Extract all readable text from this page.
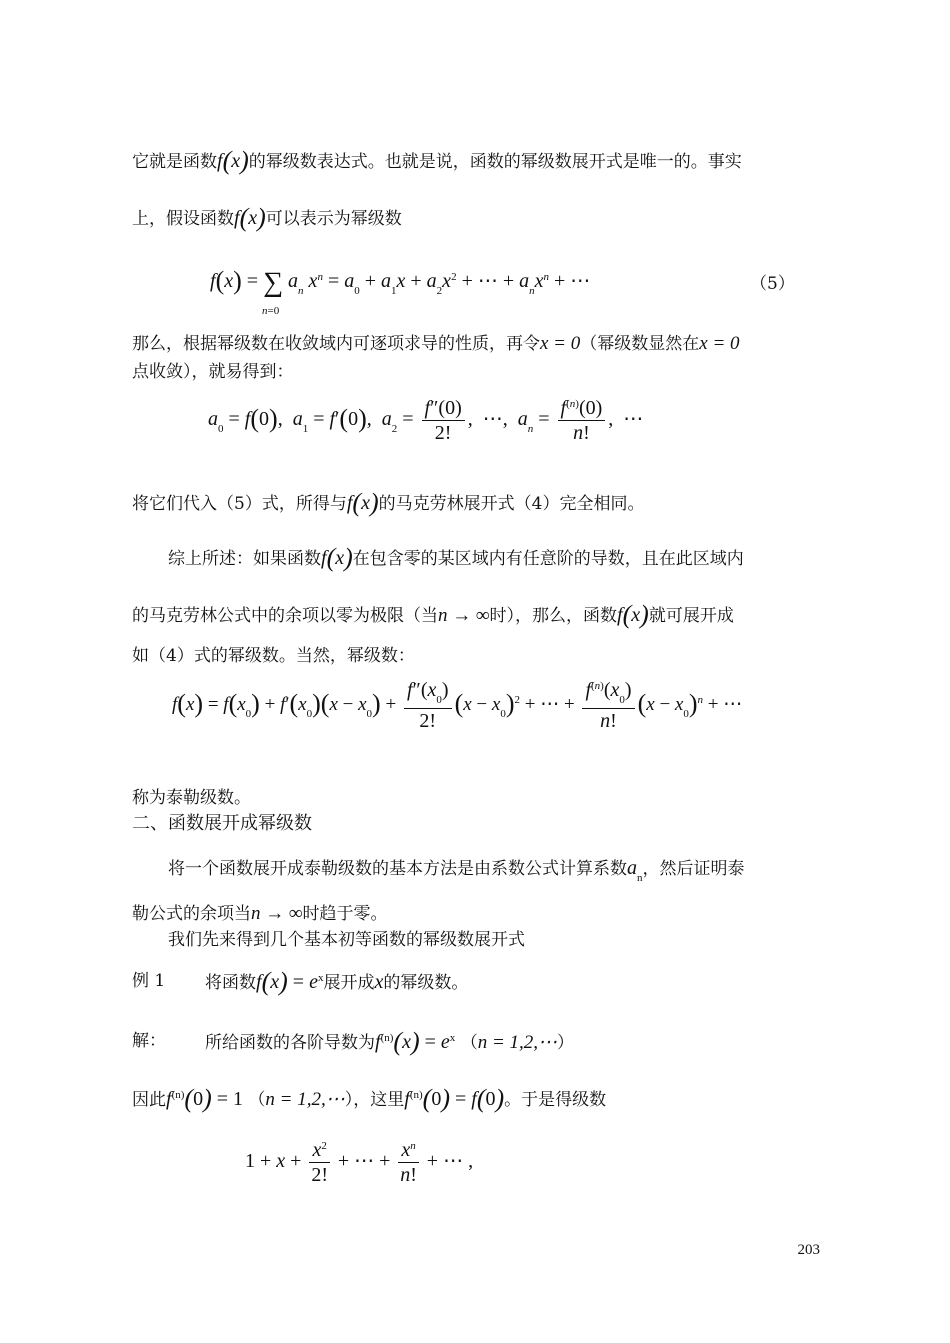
它就是函数f(x)的幂级数表达式。也就是说，函数的幂级数展开式是唯一的。事实
上，假设函数f(x)可以表示为幂级数
f(x) = ∑ $a_n$ $x^n = a_0 + a_1x + a_2x^2$ + ⋯ + $a_nx^n$ + ⋯
n=0
（5）
那么，根据幂级数在收敛域内可逐项求导的性质，再令x = 0（幂级数显然在x = 0
点收敛），就易得到：
$a_0 = f(0)$,  $a_1 = f'(0)$,  $a_2 = \frac{f''(0)}{2!}$ ,  ⋯,  $a_n = \frac{f^{(n)}(0)}{n!}$ ,  ⋯
将它们代入（5）式，所得与f(x)的马克劳林展开式（4）完全相同。
综上所述：如果函数f(x)在包含零的某区域内有任意阶的导数，且在此区域内
的马克劳林公式中的余项以零为极限（当n → ∞时），那么，函数f(x)就可展开成
如（4）式的幂级数。当然，幂级数：
$f(x) = f(x_0) + f'(x_0)(x - x_0) + \frac{f''(x_0)}{2!} (x - x_0)^2$ + ⋯ + $\frac{f^{(n)}(x_0)}{n!} (x - x_0)^n$ + ⋯
称为泰勒级数。
二、函数展开成幂级数
将一个函数展开成泰勒级数的基本方法是由系数公式计算系数$a_n$，然后证明泰
勒公式的余项当n → ∞时趋于零。
我们先来得到几个基本初等函数的幂级数展开式
例 1 将函数$f(x) = e^x$展开成x的幂级数。
解： 所给函数的各阶导数为$f^{(n)}(x) = e^x$ （n = 1,2,⋯）
因此$f^{(n)}(0) = 1$ （n = 1,2,⋯），这里$f^{(n)}(0) = f(0)$。于是得级数
$1 + x + \frac{x^2}{2!}$ + ⋯ + $\frac{x^n}{n!}$ + ⋯ ,
203
